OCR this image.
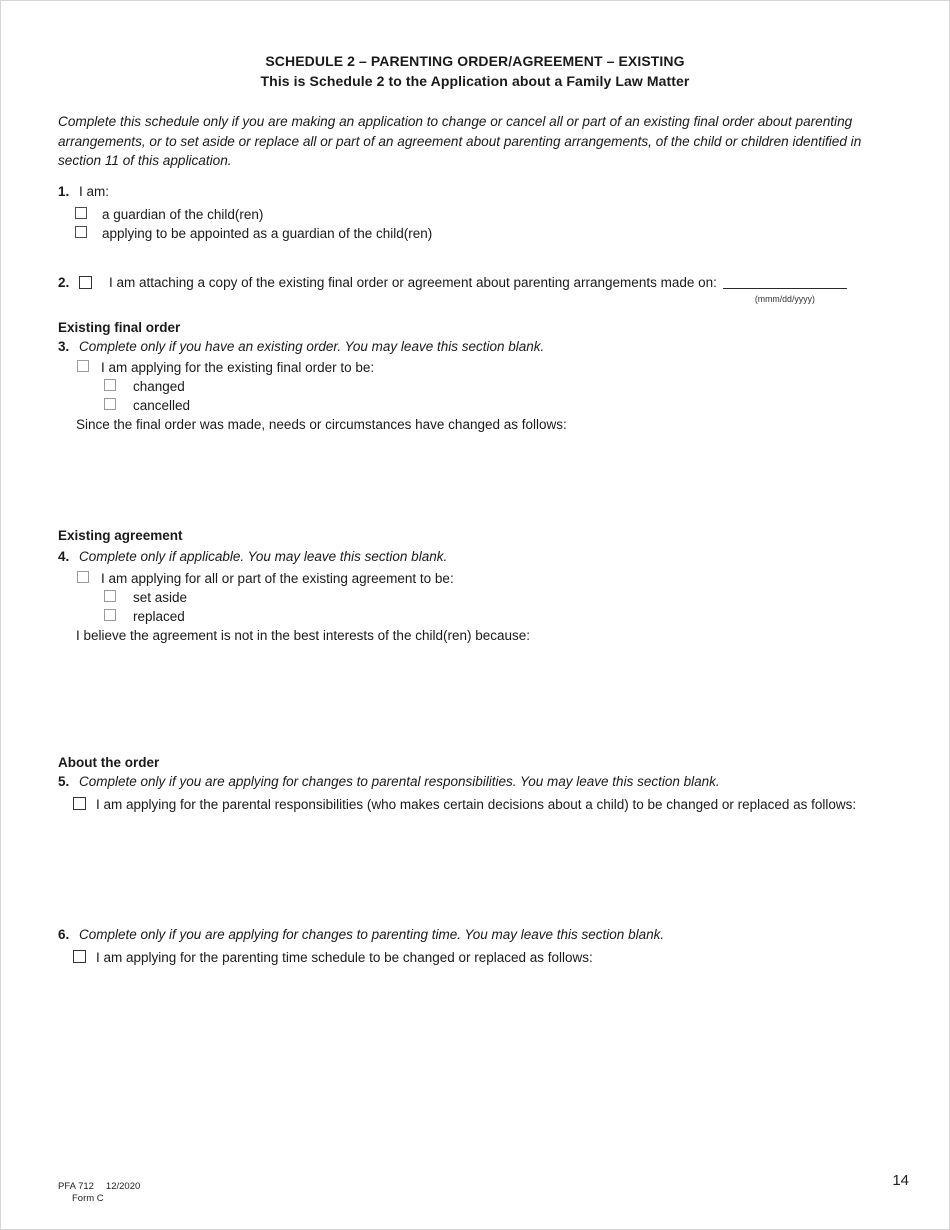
SCHEDULE 2 – PARENTING ORDER/AGREEMENT – EXISTING
This is Schedule 2 to the Application about a Family Law Matter
Complete this schedule only if you are making an application to change or cancel all or part of an existing final order about parenting arrangements, or to set aside or replace all or part of an agreement about parenting arrangements, of the child or children identified in section 11 of this application.
1. I am:
a guardian of the child(ren)
applying to be appointed as a guardian of the child(ren)
2.	I am attaching a copy of the existing final order or agreement about parenting arrangements made on:
(mmm/dd/yyyy)
Existing final order
3. Complete only if you have an existing order. You may leave this section blank.
I am applying for the existing final order to be:
changed
cancelled
Since the final order was made, needs or circumstances have changed as follows:
Existing agreement
4. Complete only if applicable. You may leave this section blank.
I am applying for all or part of the existing agreement to be:
set aside
replaced
I believe the agreement is not in the best interests of the child(ren) because:
About the order
5. Complete only if you are applying for changes to parental responsibilities. You may leave this section blank.
I am applying for the parental responsibilities (who makes certain decisions about a child) to be changed or replaced as follows:
6. Complete only if you are applying for changes to parenting time. You may leave this section blank.
I am applying for the parenting time schedule to be changed or replaced as follows:
PFA 712 12/2020
Form C
14
